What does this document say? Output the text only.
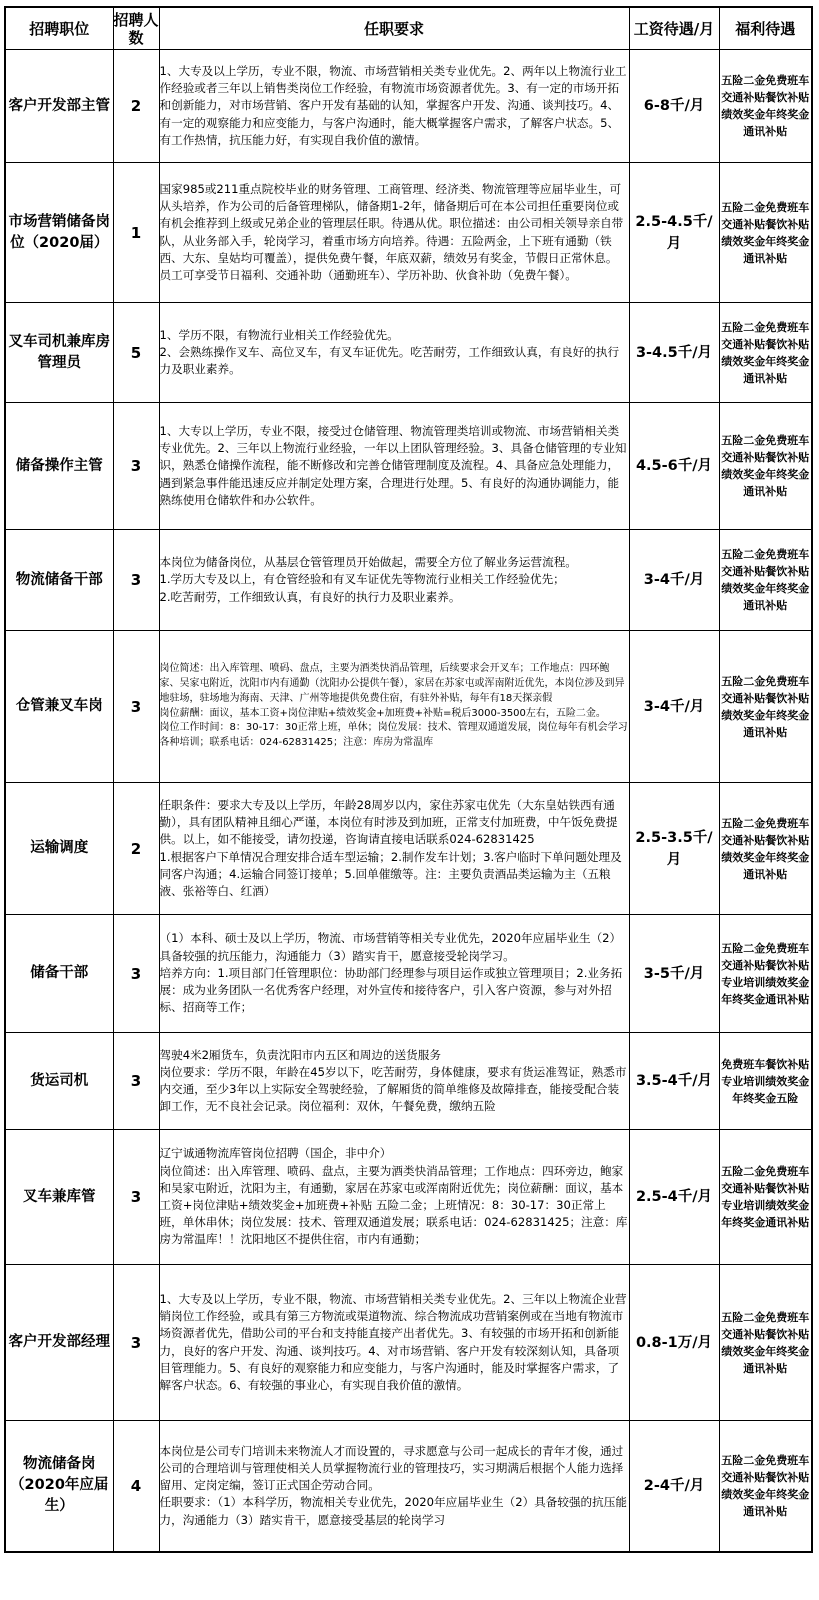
招聘职位	招聘人数	任职要求	工资待遇/月	福利待遇
客户开发部主管	2	1、大专及以上学历，专业不限，物流、市场营销相关类专业优先。2、两年以上物流行业工作经验或者三年以上销售类岗位工作经验，有物流市场资源者优先。3、有一定的市场开拓和创新能力，对市场营销、客户开发有基础的认知，掌握客户开发、沟通、谈判技巧。4、有一定的观察能力和应变能力，与客户沟通时，能大概掌握客户需求，了解客户状态。5、有工作热情，抗压能力好，有实现自我价值的激情。	6-8千/月	五险二金免费班车交通补贴餐饮补贴绩效奖金年终奖金通讯补贴
市场营销储备岗位（2020届）	1	国家985或211重点院校毕业的财务管理、工商管理、经济类、物流管理等应届毕业生，可从头培养，作为公司的后备管理梯队，储备期1-2年，储备期后可在本公司担任重要岗位或有机会推荐到上级或兄弟企业的管理层任职。待遇从优。职位描述：由公司相关领导亲自带队，从业务部入手，轮岗学习，着重市场方向培养。待遇：五险两金，上下班有通勤（铁西、大东、皇姑均可覆盖），提供免费午餐，年底双薪，绩效另有奖金，节假日正常休息。员工可享受节日福利、交通补助（通勤班车）、学历补助、伙食补助（免费午餐）。	2.5-4.5千/月	五险二金免费班车交通补贴餐饮补贴绩效奖金年终奖金通讯补贴
叉车司机兼库房管理员	5	1、学历不限，有物流行业相关工作经验优先。
2、会熟练操作叉车、高位叉车，有叉车证优先。吃苦耐劳，工作细致认真，有良好的执行力及职业素养。	3-4.5千/月	五险二金免费班车交通补贴餐饮补贴绩效奖金年终奖金通讯补贴
储备操作主管	3	1、大专以上学历，专业不限，接受过仓储管理、物流管理类培训或物流、市场营销相关类专业优先。2、三年以上物流行业经验，一年以上团队管理经验。3、具备仓储管理的专业知识，熟悉仓储操作流程，能不断修改和完善仓储管理制度及流程。4、具备应急处理能力，遇到紧急事件能迅速反应并制定处理方案，合理进行处理。5、有良好的沟通协调能力，能熟练使用仓储软件和办公软件。	4.5-6千/月	五险二金免费班车交通补贴餐饮补贴绩效奖金年终奖金通讯补贴
物流储备干部	3	本岗位为储备岗位，从基层仓管管理员开始做起，需要全方位了解业务运营流程。
1.学历大专及以上，有仓管经验和有叉车证优先等物流行业相关工作经验优先；
2.吃苦耐劳，工作细致认真，有良好的执行力及职业素养。	3-4千/月	五险二金免费班车交通补贴餐饮补贴绩效奖金年终奖金通讯补贴
仓管兼叉车岗	3	岗位简述：出入库管理、喷码、盘点，主要为酒类快消品管理，后续要求会开叉车；工作地点：四环鲍家、吴家屯附近，沈阳市内有通勤（沈阳办公提供午餐），家居在苏家屯或浑南附近优先，本岗位涉及到异地驻场，驻场地为海南、天津、广州等地提供免费住宿，有驻外补贴，每年有18天探亲假
岗位薪酬：面议，基本工资+岗位津贴+绩效奖金+加班费+补贴=税后3000-3500左右，五险二金。
岗位工作时间：8：30-17：30正常上班，单休；岗位发展：技术、管理双通道发展，岗位每年有机会学习各种培训；联系电话：024-62831425；注意：库房为常温库	3-4千/月	五险二金免费班车交通补贴餐饮补贴绩效奖金年终奖金通讯补贴
运输调度	2	任职条件：要求大专及以上学历，年龄28周岁以内，家住苏家屯优先（大东皇姑铁西有通勤），具有团队精神且细心严谨，本岗位有时涉及到加班，正常支付加班费，中午饭免费提供。以上，如不能接受，请勿投递，咨询请直接电话联系024-62831425
1.根据客户下单情况合理安排合适车型运输；2.制作发车计划；3.客户临时下单问题处理及同客户沟通；4.运输合同签订接单；5.回单催缴等。注：主要负责酒品类运输为主（五粮液、张裕等白、红酒）	2.5-3.5千/月	五险二金免费班车交通补贴餐饮补贴绩效奖金年终奖金通讯补贴
储备干部	3	（1）本科、硕士及以上学历，物流、市场营销等相关专业优先，2020年应届毕业生（2）具备较强的抗压能力，沟通能力（3）踏实肯干，愿意接受轮岗学习。
培养方向：1.项目部门任管理职位：协助部门经理参与项目运作或独立管理项目；2.业务拓展：成为业务团队一名优秀客户经理，对外宣传和接待客户，引入客户资源，参与对外招标、招商等工作；	3-5千/月	五险二金免费班车交通补贴餐饮补贴专业培训绩效奖金年终奖金通讯补贴
货运司机	3	驾驶4米2厢货车，负责沈阳市内五区和周边的送货服务
岗位要求：学历不限，年龄在45岁以下，吃苦耐劳，身体健康，要求有货运准驾证，熟悉市内交通，至少3年以上实际安全驾驶经验，了解厢货的简单维修及故障排查，能接受配合装卸工作，无不良社会记录。岗位福利：双休，午餐免费，缴纳五险	3.5-4千/月	免费班车餐饮补贴专业培训绩效奖金年终奖金五险
叉车兼库管	3	辽宁诚通物流库管岗位招聘（国企，非中介）
岗位简述：出入库管理、喷码、盘点，主要为酒类快消品管理；工作地点：四环旁边，鲍家和吴家屯附近，沈阳为主，有通勤，家居在苏家屯或浑南附近优先；岗位薪酬：面议，基本工资+岗位津贴+绩效奖金+加班费+补贴 五险二金；上班情况：8：30-17：30正常上班，单休串休；岗位发展：技术、管理双通道发展；联系电话：024-62831425；注意：库房为常温库！！沈阳地区不提供住宿，市内有通勤；	2.5-4千/月	五险二金免费班车交通补贴餐饮补贴专业培训绩效奖金年终奖金通讯补贴
客户开发部经理	3	1、大专及以上学历，专业不限，物流、市场营销相关类专业优先。2、三年以上物流企业营销岗位工作经验，或具有第三方物流或渠道物流、综合物流成功营销案例或在当地有物流市场资源者优先，借助公司的平台和支持能直接产出者优先。3、有较强的市场开拓和创新能力，良好的客户开发、沟通、谈判技巧。4、对市场营销、客户开发有较深刻认知，具备项目管理能力。5、有良好的观察能力和应变能力，与客户沟通时，能及时掌握客户需求，了解客户状态。6、有较强的事业心，有实现自我价值的激情。	0.8-1万/月	五险二金免费班车交通补贴餐饮补贴绩效奖金年终奖金通讯补贴
物流储备岗（2020年应届生）	4	本岗位是公司专门培训未来物流人才而设置的，寻求愿意与公司一起成长的青年才俊，通过公司的合理培训与管理使相关人员掌握物流行业的管理技巧，实习期满后根据个人能力选择留用、定岗定编，签订正式国企劳动合同。
任职要求：（1）本科学历，物流相关专业优先，2020年应届毕业生（2）具备较强的抗压能力，沟通能力（3）踏实肯干，愿意接受基层的轮岗学习	2-4千/月	五险二金免费班车交通补贴餐饮补贴绩效奖金年终奖金通讯补贴
